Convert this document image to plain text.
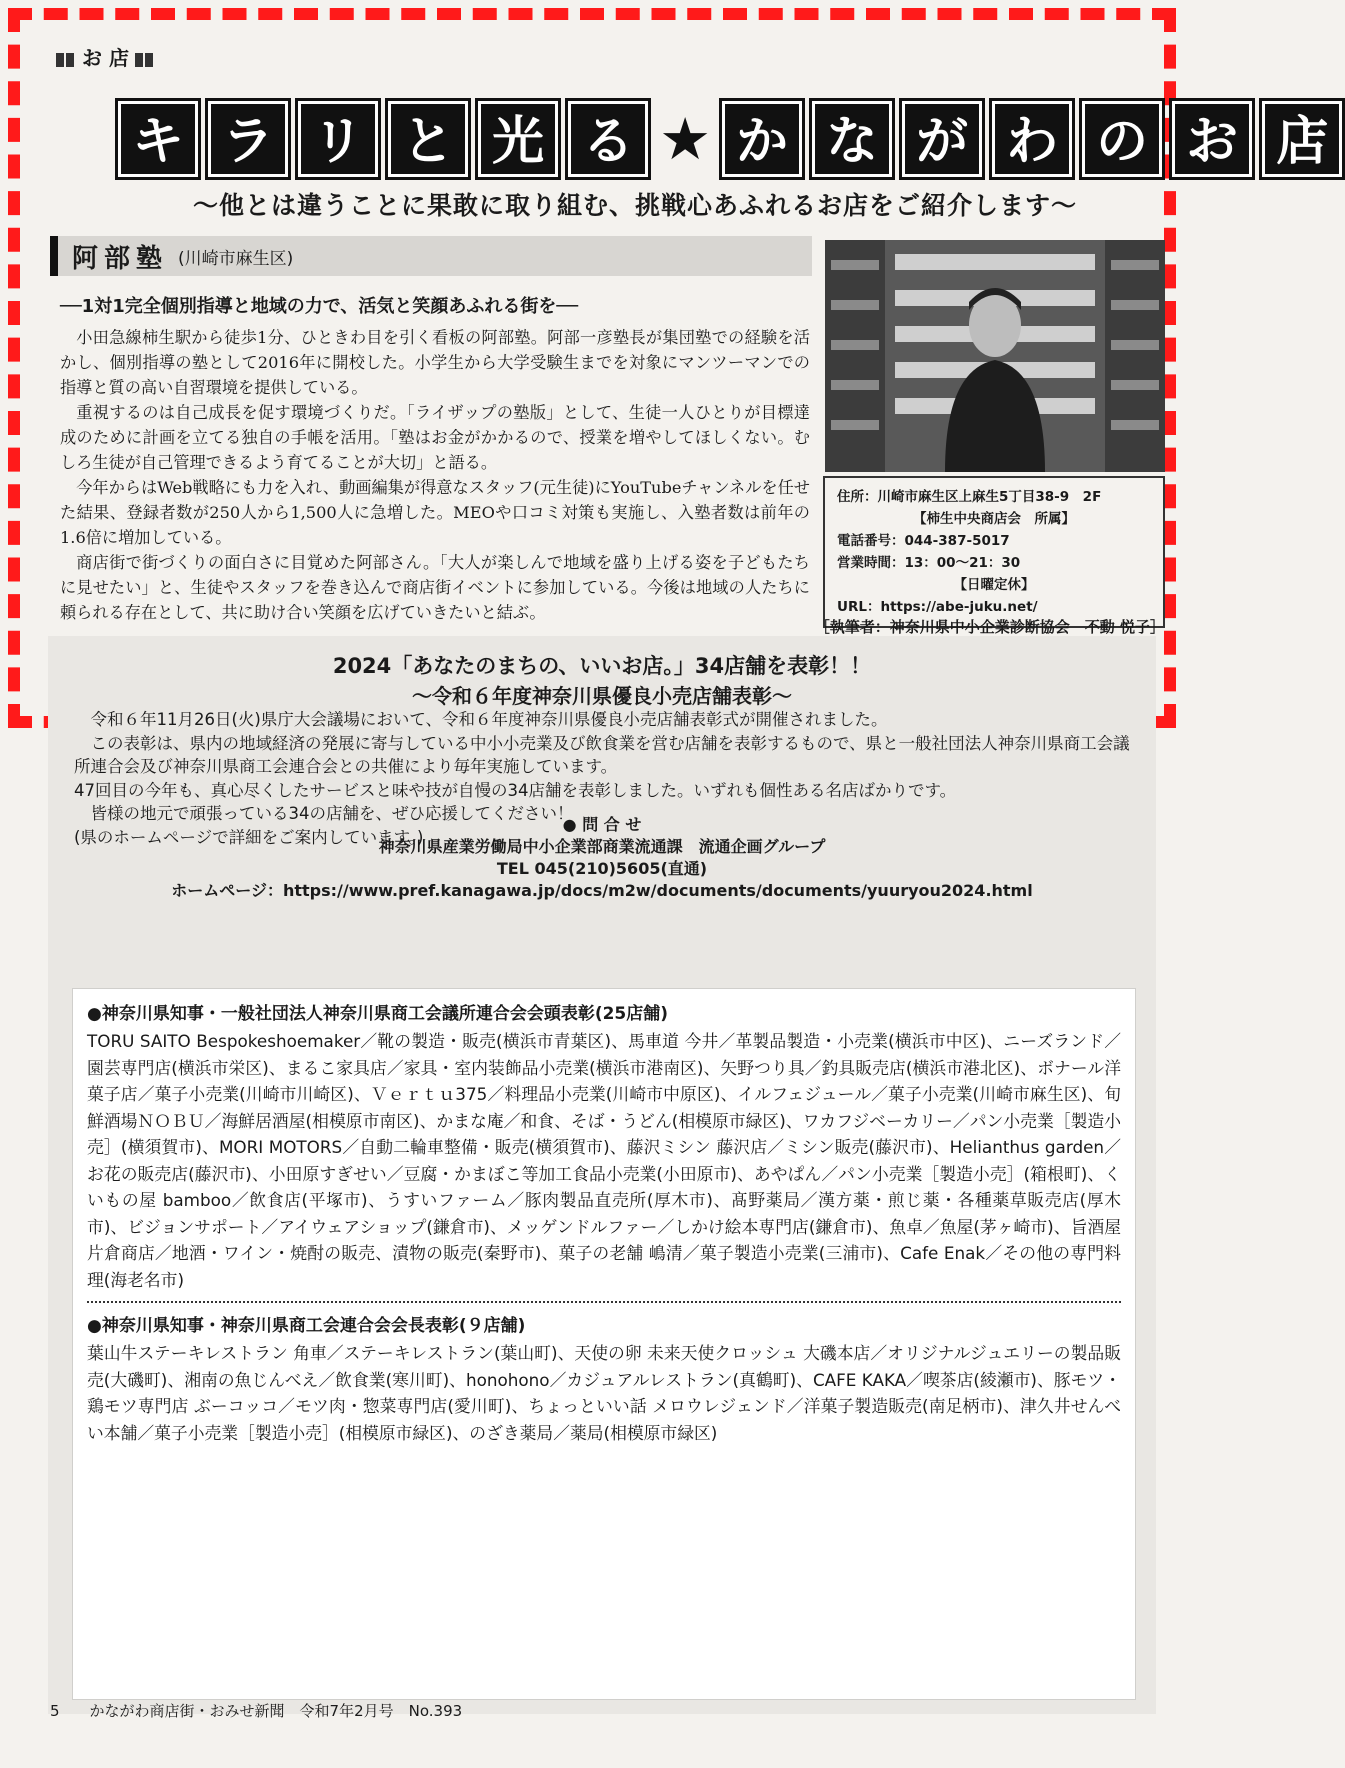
お 店
キ ラ リ と 光 る ★ か な が わ の お 店
〜他とは違うことに果敢に取り組む、挑戦心あふれるお店をご紹介します〜
阿部塾 (川崎市麻生区)
──1対1完全個別指導と地域の力で、活気と笑顔あふれる街を──

小田急線柿生駅から徒歩1分、ひときわ目を引く看板の阿部塾。阿部一彦塾長が集団塾での経験を活かし、個別指導の塾として2016年に開校した。小学生から大学受験生までを対象にマンツーマンでの指導と質の高い自習環境を提供している。

重視するのは自己成長を促す環境づくりだ。「ライザップの塾版」として、生徒一人ひとりが目標達成のために計画を立てる独自の手帳を活用。「塾はお金がかかるので、授業を増やしてほしくない。むしろ生徒が自己管理できるよう育てることが大切」と語る。

今年からはWeb戦略にも力を入れ、動画編集が得意なスタッフ(元生徒)にYouTubeチャンネルを任せた結果、登録者数が250人から1,500人に急増した。MEOや口コミ対策も実施し、入塾者数は前年の1.6倍に増加している。

商店街で街づくりの面白さに目覚めた阿部さん。「大人が楽しんで地域を盛り上げる姿を子どもたちに見せたい」と、生徒やスタッフを巻き込んで商店街イベントに参加している。今後は地域の人たちに頼られる存在として、共に助け合い笑顔を広げていきたいと結ぶ。

住所：川崎市麻生区上麻生5丁目38-9　2F
【柿生中央商店会　所属】
電話番号：044-387-5017
営業時間：13：00〜21：30
【日曜定休】
URL：https://abe-juku.net/
［執筆者：神奈川県中小企業診断協会　不動 悦子］
2024「あなたのまちの、いいお店。」34店舗を表彰！！
〜令和６年度神奈川県優良小売店舗表彰〜

　令和６年11月26日(火)県庁大会議場において、令和６年度神奈川県優良小売店舗表彰式が開催されました。

　この表彰は、県内の地域経済の発展に寄与している中小小売業及び飲食業を営む店舗を表彰するもので、県と一般社団法人神奈川県商工会議所連合会及び神奈川県商工会連合会との共催により毎年実施しています。

47回目の今年も、真心尽くしたサービスと味や技が自慢の34店舗を表彰しました。いずれも個性ある名店ばかりです。

　皆様の地元で頑張っている34の店舗を、ぜひ応援してください！

(県のホームページで詳細をご案内しています。)

● 問 合 せ
神奈川県産業労働局中小企業部商業流通課　流通企画グループ
TEL 045(210)5605(直通)
ホームページ：https://www.pref.kanagawa.jp/docs/m2w/documents/documents/yuuryou2024.html
●神奈川県知事・一般社団法人神奈川県商工会議所連合会会頭表彰(25店舗)
TORU SAITO Bespokeshoemaker／靴の製造・販売(横浜市青葉区)、馬車道 今井／革製品製造・小売業(横浜市中区)、ニーズランド／園芸専門店(横浜市栄区)、まるこ家具店／家具・室内装飾品小売業(横浜市港南区)、矢野つり具／釣具販売店(横浜市港北区)、ボナール洋菓子店／菓子小売業(川崎市川崎区)、Ｖｅｒｔｕ375／料理品小売業(川崎市中原区)、イルフェジュール／菓子小売業(川崎市麻生区)、旬鮮酒場ＮＯＢＵ／海鮮居酒屋(相模原市南区)、かまな庵／和食、そば・うどん(相模原市緑区)、ワカフジベーカリー／パン小売業［製造小売］(横須賀市)、MORI MOTORS／自動二輪車整備・販売(横須賀市)、藤沢ミシン 藤沢店／ミシン販売(藤沢市)、Helianthus garden／お花の販売店(藤沢市)、小田原すぎせい／豆腐・かまぼこ等加工食品小売業(小田原市)、あやぱん／パン小売業［製造小売］(箱根町)、くいもの屋 bamboo／飲食店(平塚市)、うすいファーム／豚肉製品直売所(厚木市)、髙野薬局／漢方薬・煎じ薬・各種薬草販売店(厚木市)、ビジョンサポート／アイウェアショップ(鎌倉市)、メッゲンドルファー／しかけ絵本専門店(鎌倉市)、魚卓／魚屋(茅ヶ崎市)、旨酒屋 片倉商店／地酒・ワイン・焼酎の販売、漬物の販売(秦野市)、菓子の老舗 嶋清／菓子製造小売業(三浦市)、Cafe Enak／その他の専門料理(海老名市)
●神奈川県知事・神奈川県商工会連合会会長表彰(９店舗)
葉山牛ステーキレストラン 角車／ステーキレストラン(葉山町)、天使の卵 未来天使クロッシュ 大磯本店／オリジナルジュエリーの製品販売(大磯町)、湘南の魚じんべえ／飲食業(寒川町)、honohono／カジュアルレストラン(真鶴町)、CAFE KAKA／喫茶店(綾瀬市)、豚モツ・鶏モツ専門店 ぶーコッコ／モツ肉・惣菜専門店(愛川町)、ちょっといい話 メロウレジェンド／洋菓子製造販売(南足柄市)、津久井せんべい本舗／菓子小売業［製造小売］(相模原市緑区)、のざき薬局／薬局(相模原市緑区)
5　　かながわ商店街・おみせ新聞　令和7年2月号　No.393
